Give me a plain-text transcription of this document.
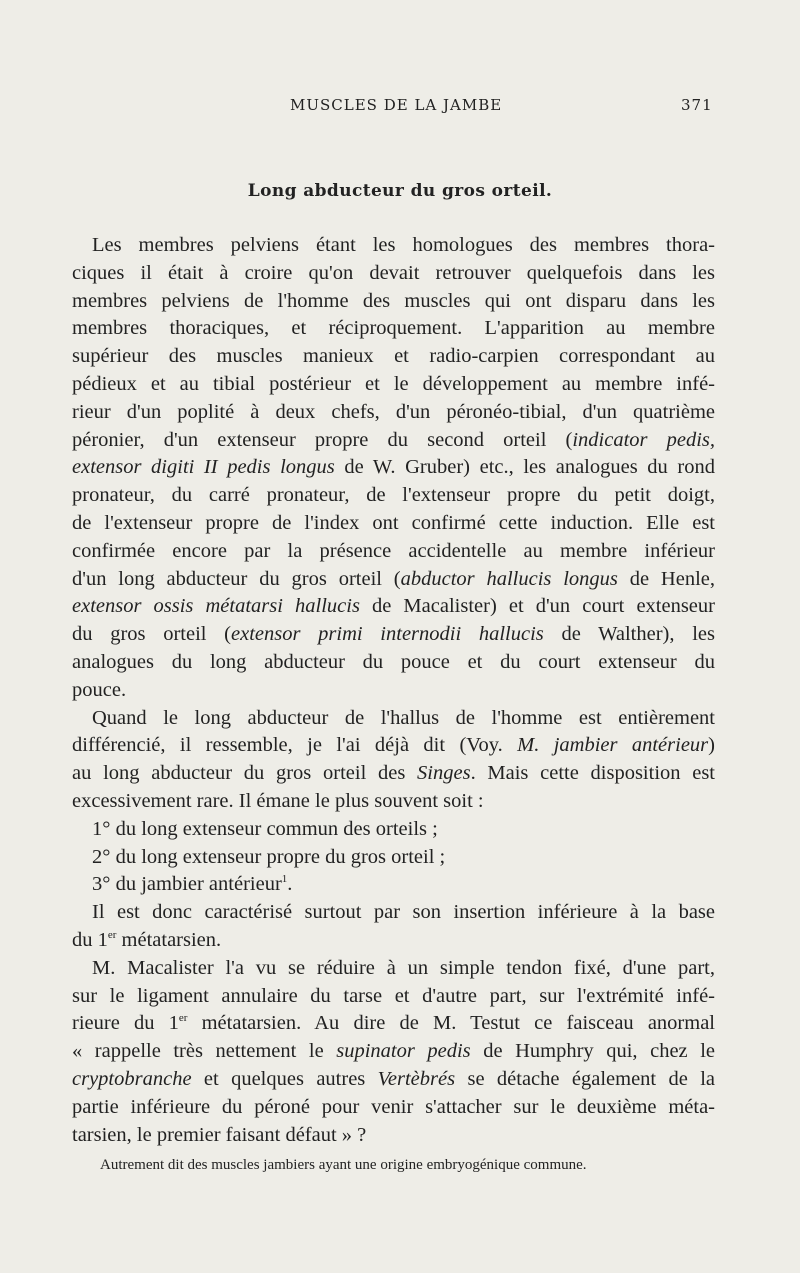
MUSCLES DE LA JAMBE	371
Long abducteur du gros orteil.
Les membres pelviens étant les homologues des membres thora-
ciques il était à croire qu'on devait retrouver quelquefois dans les
membres pelviens de l'homme des muscles qui ont disparu dans les
membres thoraciques, et réciproquement. L'apparition au membre
supérieur des muscles manieux et radio-carpien correspondant au
pédieux et au tibial postérieur et le développement au membre infé-
rieur d'un poplité à deux chefs, d'un péronéo-tibial, d'un quatrième
péronier, d'un extenseur propre du second orteil (indicator pedis,
extensor digiti II pedis longus de W. Gruber) etc., les analogues du rond
pronateur, du carré pronateur, de l'extenseur propre du petit doigt,
de l'extenseur propre de l'index ont confirmé cette induction. Elle est
confirmée encore par la présence accidentelle au membre inférieur
d'un long abducteur du gros orteil (abductor hallucis longus de Henle,
extensor ossis métatarsi hallucis de Macalister) et d'un court extenseur
du gros orteil (extensor primi internodii hallucis de Walther), les
analogues du long abducteur du pouce et du court extenseur du
pouce.
Quand le long abducteur de l'hallus de l'homme est entièrement
différencié, il ressemble, je l'ai déjà dit (Voy. M. jambier antérieur)
au long abducteur du gros orteil des Singes. Mais cette disposition est
excessivement rare. Il émane le plus souvent soit :
1° du long extenseur commun des orteils ;
2° du long extenseur propre du gros orteil ;
3° du jambier antérieur$^1$.
Il est donc caractérisé surtout par son insertion inférieure à la base
du 1er métatarsien.
M. Macalister l'a vu se réduire à un simple tendon fixé, d'une part,
sur le ligament annulaire du tarse et d'autre part, sur l'extrémité infé-
rieure du 1er métatarsien. Au dire de M. Testut ce faisceau anormal
« rappelle très nettement le supinator pedis de Humphry qui, chez le
cryptobranche et quelques autres Vertèbrés se détache également de la
partie inférieure du péroné pour venir s'attacher sur le deuxième méta-
tarsien, le premier faisant défaut » ?
Autrement dit des muscles jambiers ayant une origine embryogénique commune.
